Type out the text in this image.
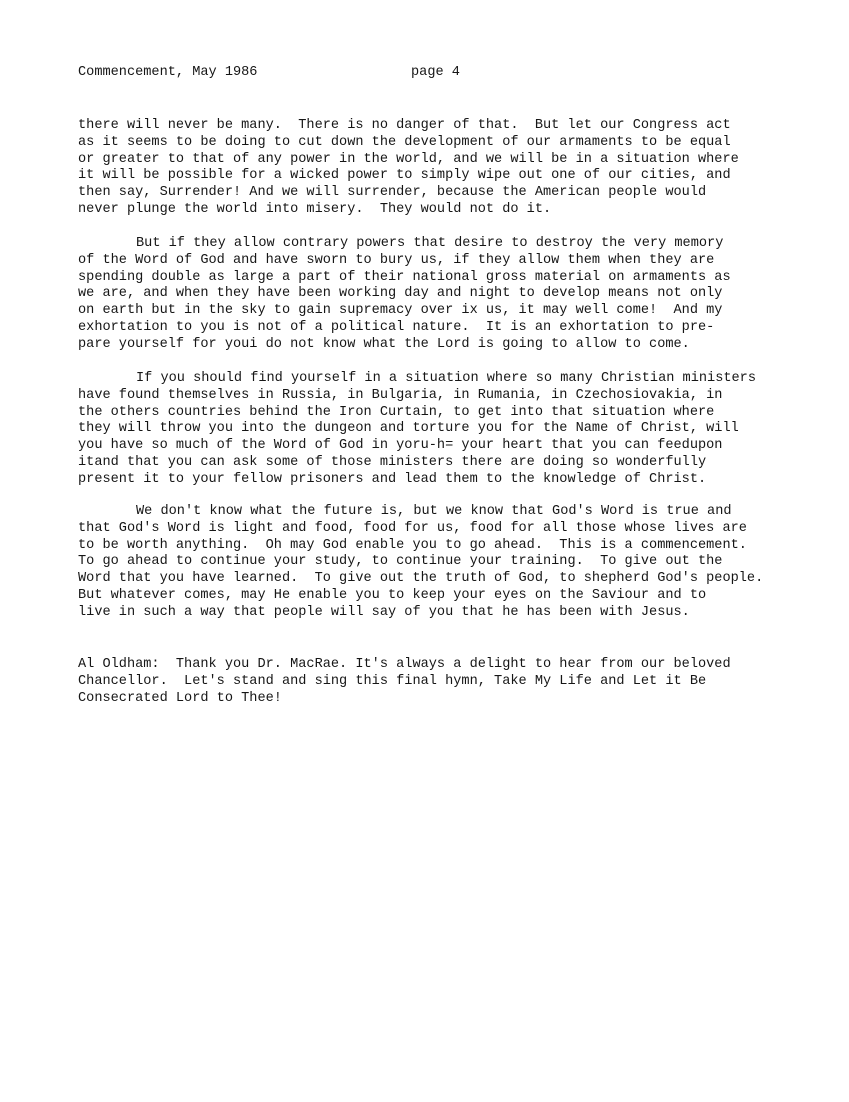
Commencement, May 1986

	page 4

there will never be many.  There is no danger of that.  But let our Congress act
as it seems to be doing to cut down the development of our armaments to be equal
or greater to that of any power in the world, and we will be in a situation where
it will be possible for a wicked power to simply wipe out one of our cities, and
then say, Surrender! And we will surrender, because the American people would
never plunge the world into misery.  They would not do it.
But if they allow contrary powers that desire to destroy the very memory
of the Word of God and have sworn to bury us, if they allow them when they are
spending double as large a part of their national gross material on armaments as
we are, and when they have been working day and night to develop means not only
on earth but in the sky to gain supremacy over ix us, it may well come!  And my
exhortation to you is not of a political nature.  It is an exhortation to pre-
pare yourself for youi do not know what the Lord is going to allow to come.
If you should find yourself in a situation where so many Christian ministers
have found themselves in Russia, in Bulgaria, in Rumania, in Czechosiovakia, in
the others countries behind the Iron Curtain, to get into that situation where
they will throw you into the dungeon and torture you for the Name of Christ, will
you have so much of the Word of God in yoru-h= your heart that you can feedupon
itand that you can ask some of those ministers there are doing so wonderfully
present it to your fellow prisoners and lead them to the knowledge of Christ.
We don't know what the future is, but we know that God's Word is true and
that God's Word is light and food, food for us, food for all those whose lives are
to be worth anything.  Oh may God enable you to go ahead.  This is a commencement.
To go ahead to continue your study, to continue your training.  To give out the
Word that you have learned.  To give out the truth of God, to shepherd God's people.
But whatever comes, may He enable you to keep your eyes on the Saviour and to
live in such a way that people will say of you that he has been with Jesus.
Al Oldham:  Thank you Dr. MacRae. It's always a delight to hear from our beloved
Chancellor.  Let's stand and sing this final hymn, Take My Life and Let it Be
Consecrated Lord to Thee!
